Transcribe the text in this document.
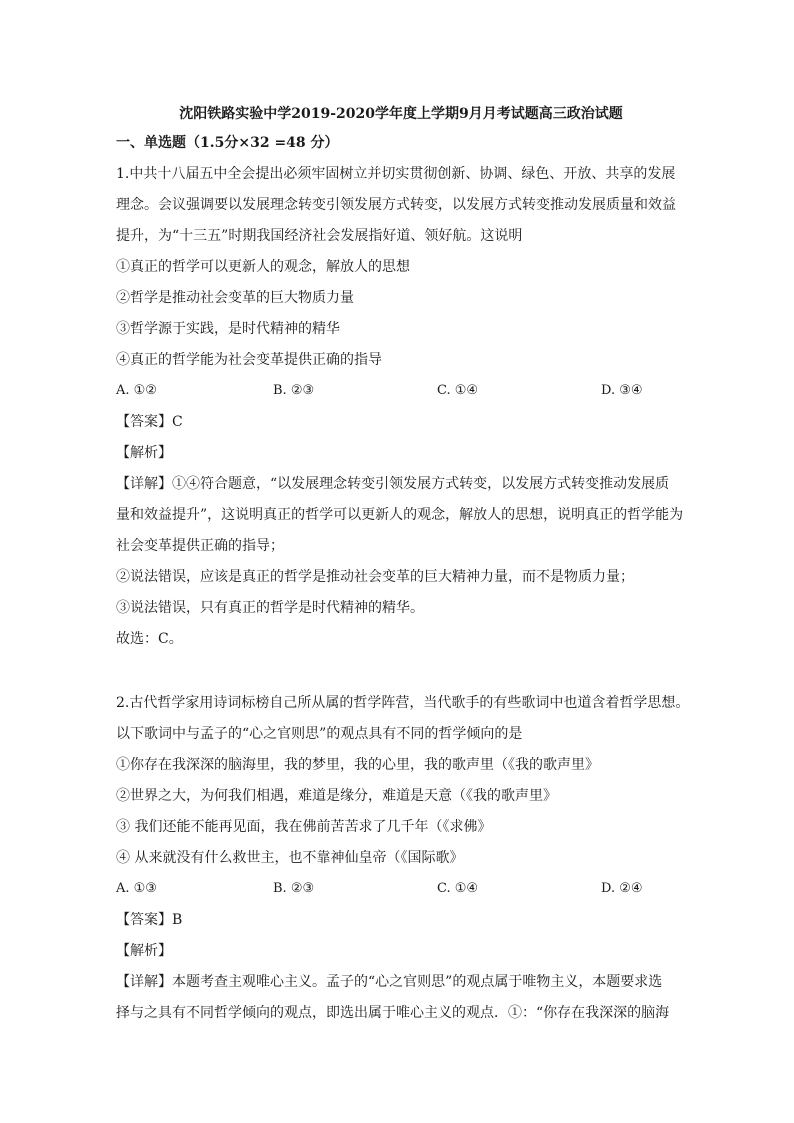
沈阳铁路实验中学2019-2020学年度上学期9月月考试题高三政治试题
一、单选题（1.5分×32 =48 分）
1.中共十八届五中全会提出必须牢固树立并切实贯彻创新、协调、绿色、开放、共享的发展
理念。会议强调要以发展理念转变引领发展方式转变，以发展方式转变推动发展质量和效益
提升，为“十三五”时期我国经济社会发展指好道、领好航。这说明
①真正的哲学可以更新人的观念，解放人的思想
②哲学是推动社会变革的巨大物质力量
③哲学源于实践，是时代精神的精华
④真正的哲学能为社会变革提供正确的指导
A. ①②	B. ②③	C. ①④	D. ③④
【答案】C
【解析】
【详解】①④符合题意，“以发展理念转变引领发展方式转变，以发展方式转变推动发展质
量和效益提升”，这说明真正的哲学可以更新人的观念，解放人的思想，说明真正的哲学能为
社会变革提供正确的指导；
②说法错误，应该是真正的哲学是推动社会变革的巨大精神力量，而不是物质力量；
③说法错误，只有真正的哲学是时代精神的精华。
故选：C。
2.古代哲学家用诗词标榜自己所从属的哲学阵营，当代歌手的有些歌词中也道含着哲学思想。
以下歌词中与孟子的“心之官则思”的观点具有不同的哲学倾向的是
①你存在我深深的脑海里，我的梦里，我的心里，我的歌声里（《我的歌声里》
②世界之大，为何我们相遇，难道是缘分，难道是天意（《我的歌声里》
③ 我们还能不能再见面，我在佛前苦苦求了几千年（《求佛》
④ 从来就没有什么救世主，也不靠神仙皇帝（《国际歌》
A. ①③	B. ②③	C. ①④	D. ②④
【答案】B
【解析】
【详解】本题考查主观唯心主义。孟子的“心之官则思”的观点属于唯物主义，本题要求选
择与之具有不同哲学倾向的观点，即选出属于唯心主义的观点．①：“你存在我深深的脑海
